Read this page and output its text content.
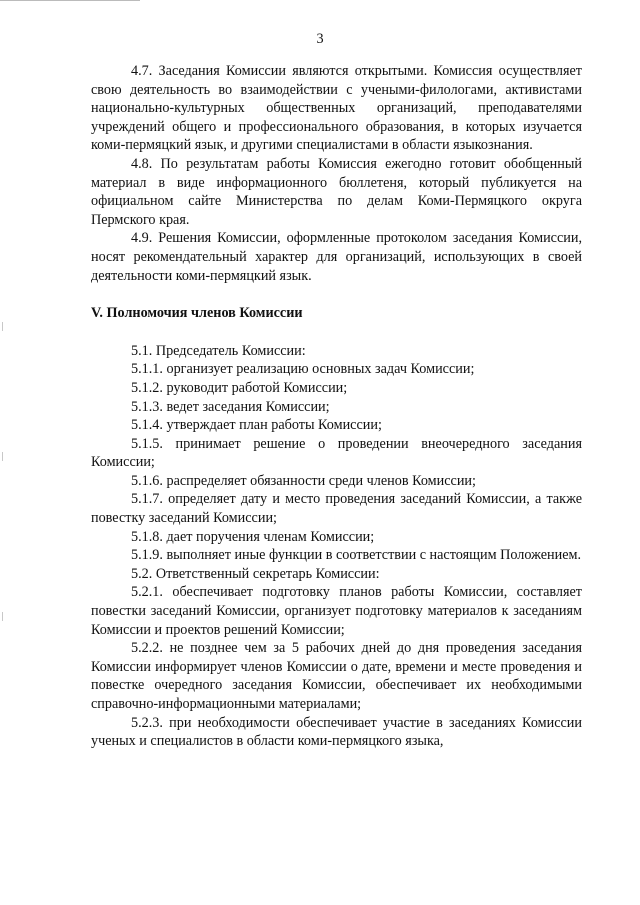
3

4.7. Заседания Комиссии являются открытыми. Комиссия осуществляет свою деятельность во взаимодействии с учеными-филологами, активистами национально-культурных общественных организаций, преподавателями учреждений общего и профессионального образования, в которых изучается коми-пермяцкий язык, и другими специалистами в области языкознания.

4.8. По результатам работы Комиссия ежегодно готовит обобщенный материал в виде информационного бюллетеня, который публикуется на официальном сайте Министерства по делам Коми-Пермяцкого округа Пермского края.

4.9. Решения Комиссии, оформленные протоколом заседания Комиссии, носят рекомендательный характер для организаций, использующих в своей деятельности коми-пермяцкий язык.

V. Полномочия членов Комиссии

5.1. Председатель Комиссии:

5.1.1. организует реализацию основных задач Комиссии;

5.1.2. руководит работой Комиссии;

5.1.3. ведет заседания Комиссии;

5.1.4. утверждает план работы Комиссии;

5.1.5. принимает решение о проведении внеочередного заседания Комиссии;

5.1.6. распределяет обязанности среди членов Комиссии;

5.1.7. определяет дату и место проведения заседаний Комиссии, а также повестку заседаний Комиссии;

5.1.8. дает поручения членам Комиссии;

5.1.9. выполняет иные функции в соответствии с настоящим Положением.

5.2. Ответственный секретарь Комиссии:

5.2.1. обеспечивает подготовку планов работы Комиссии, составляет повестки заседаний Комиссии, организует подготовку материалов к заседаниям Комиссии и проектов решений Комиссии;

5.2.2. не позднее чем за 5 рабочих дней до дня проведения заседания Комиссии информирует членов Комиссии о дате, времени и месте проведения и повестке очередного заседания Комиссии, обеспечивает их необходимыми справочно-информационными материалами;

5.2.3. при необходимости обеспечивает участие в заседаниях Комиссии ученых и специалистов в области коми-пермяцкого языка,
